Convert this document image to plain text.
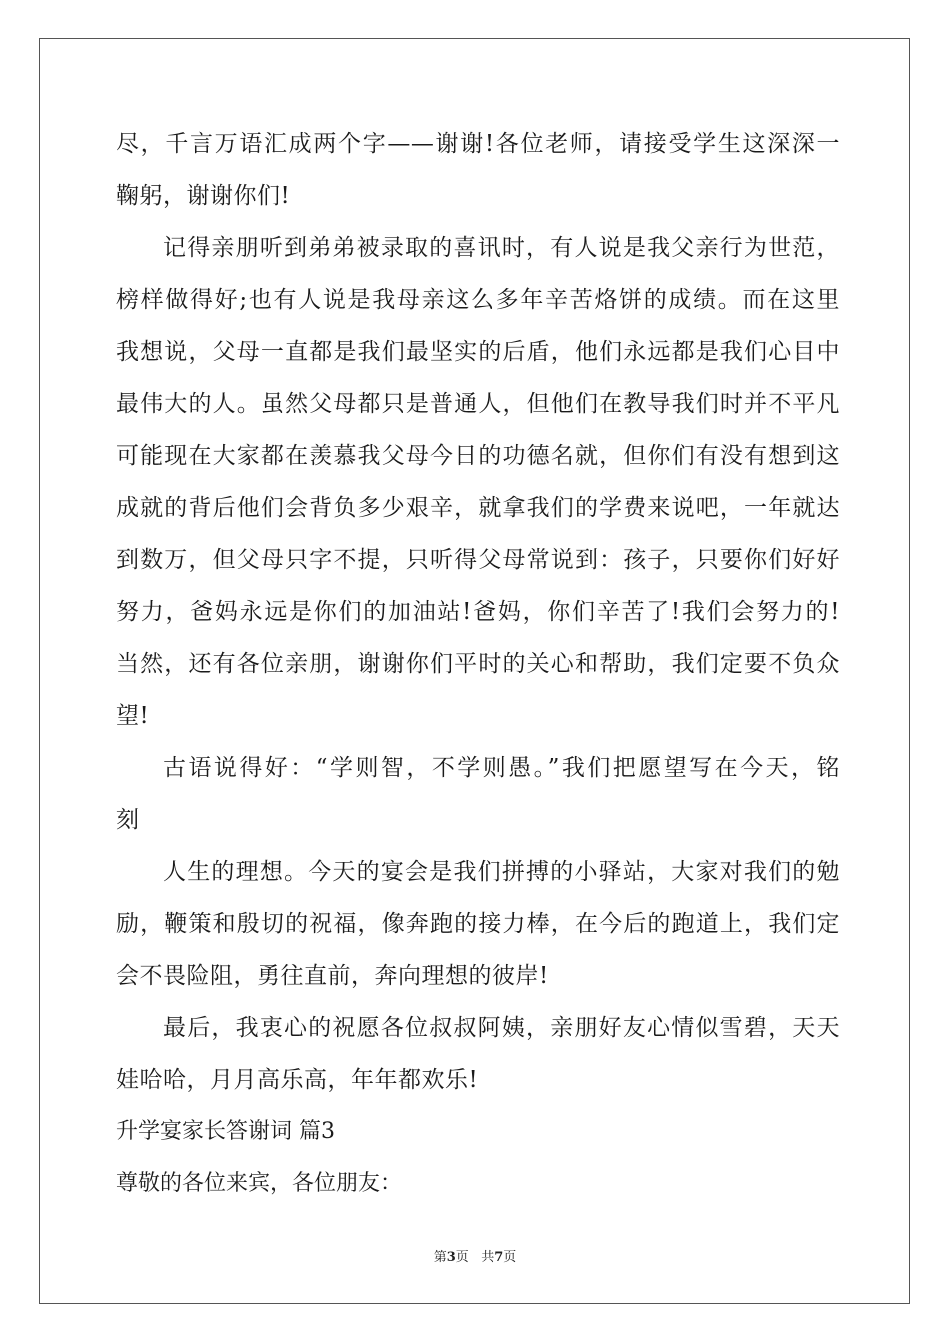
尽，千言万语汇成两个字——谢谢!各位老师，请接受学生这深深一
鞠躬，谢谢你们!
记得亲朋听到弟弟被录取的喜讯时，有人说是我父亲行为世范，
榜样做得好;也有人说是我母亲这么多年辛苦烙饼的成绩。而在这里
我想说，父母一直都是我们最坚实的后盾，他们永远都是我们心目中
最伟大的人。虽然父母都只是普通人，但他们在教导我们时并不平凡
可能现在大家都在羡慕我父母今日的功德名就，但你们有没有想到这
成就的背后他们会背负多少艰辛，就拿我们的学费来说吧，一年就达
到数万，但父母只字不提，只听得父母常说到：孩子，只要你们好好
努力，爸妈永远是你们的加油站!爸妈，你们辛苦了!我们会努力的!
当然，还有各位亲朋，谢谢你们平时的关心和帮助，我们定要不负众
望!
古语说得好：“学则智，不学则愚。”我们把愿望写在今天，铭
刻
人生的理想。今天的宴会是我们拼搏的小驿站，大家对我们的勉
励，鞭策和殷切的祝福，像奔跑的接力棒，在今后的跑道上，我们定
会不畏险阻，勇往直前，奔向理想的彼岸!
最后，我衷心的祝愿各位叔叔阿姨，亲朋好友心情似雪碧，天天
娃哈哈，月月高乐高，年年都欢乐!
升学宴家长答谢词 篇3
尊敬的各位来宾，各位朋友：
第3页 共7页
